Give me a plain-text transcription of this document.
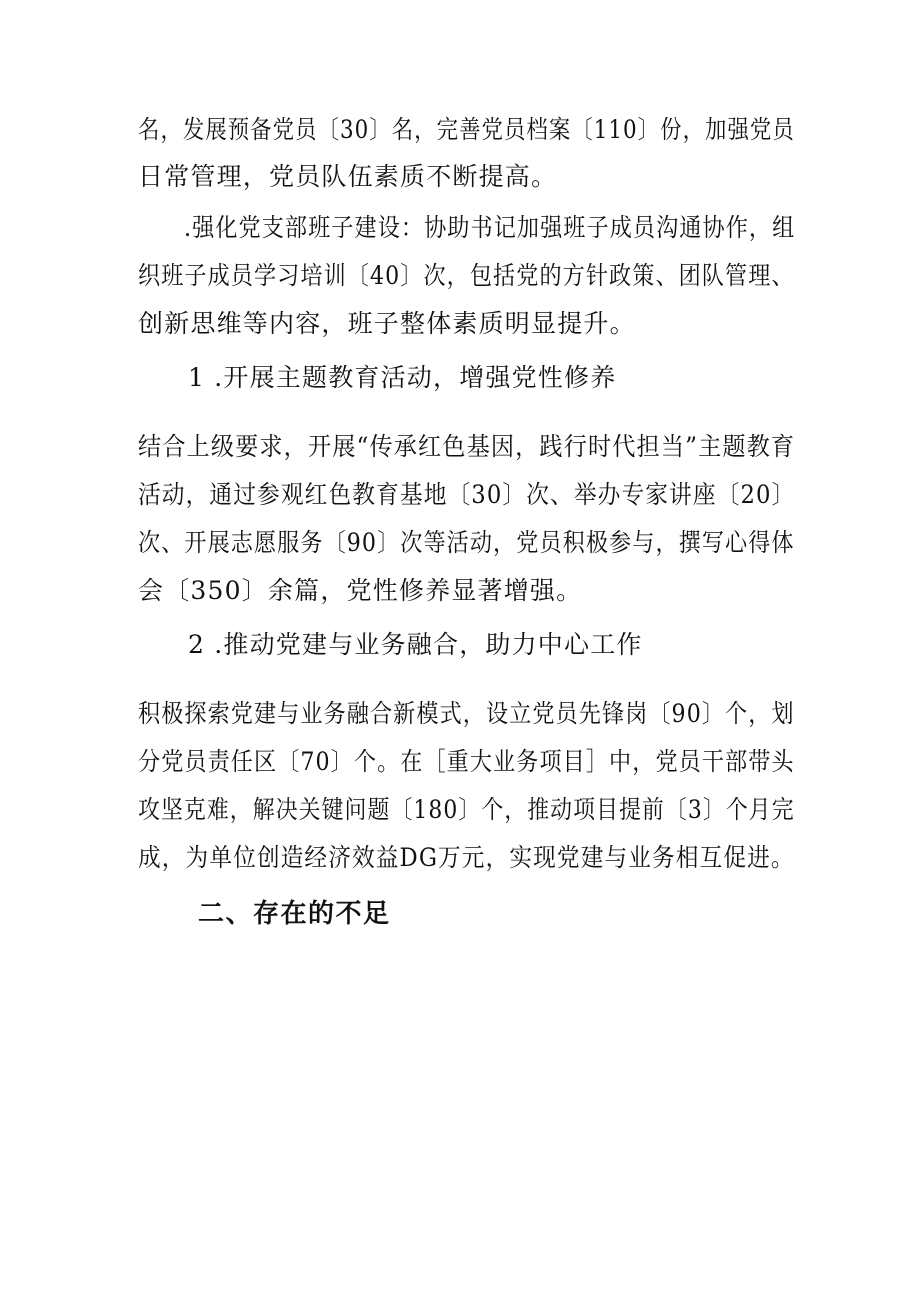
名，发展预备党员〔30〕名，完善党员档案〔110〕份，加强党员
日常管理，党员队伍素质不断提高。
.强化党支部班子建设：协助书记加强班子成员沟通协作，组
织班子成员学习培训〔40〕次，包括党的方针政策、团队管理、
创新思维等内容，班子整体素质明显提升。
1 .开展主题教育活动，增强党性修养
结合上级要求，开展“传承红色基因，践行时代担当”主题教育
活动，通过参观红色教育基地〔30〕次、举办专家讲座〔20〕
次、开展志愿服务〔90〕次等活动，党员积极参与，撰写心得体
会〔350〕余篇，党性修养显著增强。
2 .推动党建与业务融合，助力中心工作
积极探索党建与业务融合新模式，设立党员先锋岗〔90〕个，划
分党员责任区〔70〕个。在［重大业务项目］中，党员干部带头
攻坚克难，解决关键问题〔180〕个，推动项目提前〔3〕个月完
成，为单位创造经济效益DG万元，实现党建与业务相互促进。
二、存在的不足
